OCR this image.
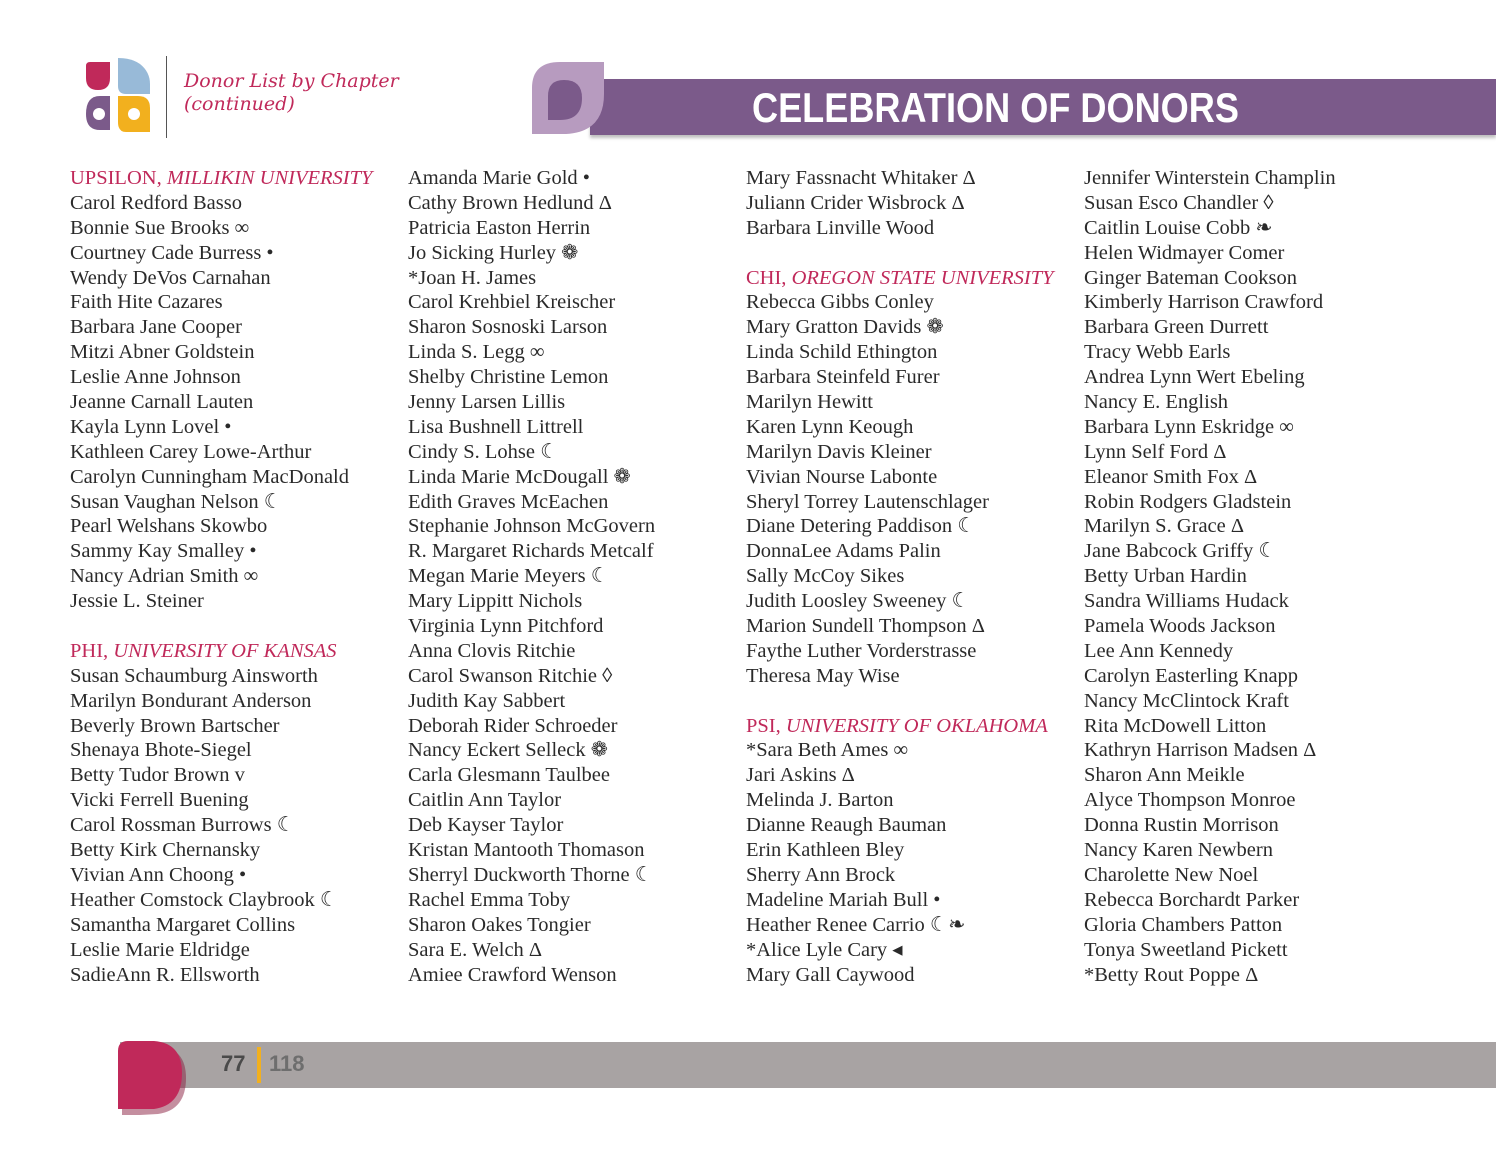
Donor List by Chapter
(continued)	CELEBRATION OF DONORS
UPSILON, MILLIKIN UNIVERSITY
Carol Redford Basso
Bonnie Sue Brooks ∞
Courtney Cade Burress •
Wendy DeVos Carnahan
Faith Hite Cazares
Barbara Jane Cooper
Mitzi Abner Goldstein
Leslie Anne Johnson
Jeanne Carnall Lauten
Kayla Lynn Lovel •
Kathleen Carey Lowe-Arthur
Carolyn Cunningham MacDonald
Susan Vaughan Nelson ☾
Pearl Welshans Skowbo
Sammy Kay Smalley •
Nancy Adrian Smith ∞
Jessie L. Steiner
PHI, UNIVERSITY OF KANSAS
Susan Schaumburg Ainsworth
Marilyn Bondurant Anderson
Beverly Brown Bartscher
Shenaya Bhote-Siegel
Betty Tudor Brown v
Vicki Ferrell Buening
Carol Rossman Burrows ☾
Betty Kirk Chernansky
Vivian Ann Choong •
Heather Comstock Claybrook ☾
Samantha Margaret Collins
Leslie Marie Eldridge
SadieAnn R. Ellsworth
Amanda Marie Gold •
Cathy Brown Hedlund Δ
Patricia Easton Herrin
Jo Sicking Hurley ❁
*Joan H. James
Carol Krehbiel Kreischer
Sharon Sosnoski Larson
Linda S. Legg ∞
Shelby Christine Lemon
Jenny Larsen Lillis
Lisa Bushnell Littrell
Cindy S. Lohse ☾
Linda Marie McDougall ❁
Edith Graves McEachen
Stephanie Johnson McGovern
R. Margaret Richards Metcalf
Megan Marie Meyers ☾
Mary Lippitt Nichols
Virginia Lynn Pitchford
Anna Clovis Ritchie
Carol Swanson Ritchie ◊
Judith Kay Sabbert
Deborah Rider Schroeder
Nancy Eckert Selleck ❁
Carla Glesmann Taulbee
Caitlin Ann Taylor
Deb Kayser Taylor
Kristan Mantooth Thomason
Sherryl Duckworth Thorne ☾
Rachel Emma Toby
Sharon Oakes Tongier
Sara E. Welch Δ
Amiee Crawford Wenson
Mary Fassnacht Whitaker Δ
Juliann Crider Wisbrock Δ
Barbara Linville Wood
CHI, OREGON STATE UNIVERSITY
Rebecca Gibbs Conley
Mary Gratton Davids ❁
Linda Schild Ethington
Barbara Steinfeld Furer
Marilyn Hewitt
Karen Lynn Keough
Marilyn Davis Kleiner
Vivian Nourse Labonte
Sheryl Torrey Lautenschlager
Diane Detering Paddison ☾
DonnaLee Adams Palin
Sally McCoy Sikes
Judith Loosley Sweeney ☾
Marion Sundell Thompson Δ
Faythe Luther Vorderstrasse
Theresa May Wise
PSI, UNIVERSITY OF OKLAHOMA
*Sara Beth Ames ∞
Jari Askins Δ
Melinda J. Barton
Dianne Reaugh Bauman
Erin Kathleen Bley
Sherry Ann Brock
Madeline Mariah Bull •
Heather Renee Carrio ☾❧
*Alice Lyle Cary ◂
Mary Gall Caywood
Jennifer Winterstein Champlin
Susan Esco Chandler ◊
Caitlin Louise Cobb ❧
Helen Widmayer Comer
Ginger Bateman Cookson
Kimberly Harrison Crawford
Barbara Green Durrett
Tracy Webb Earls
Andrea Lynn Wert Ebeling
Nancy E. English
Barbara Lynn Eskridge ∞
Lynn Self Ford Δ
Eleanor Smith Fox Δ
Robin Rodgers Gladstein
Marilyn S. Grace Δ
Jane Babcock Griffy ☾
Betty Urban Hardin
Sandra Williams Hudack
Pamela Woods Jackson
Lee Ann Kennedy
Carolyn Easterling Knapp
Nancy McClintock Kraft
Rita McDowell Litton
Kathryn Harrison Madsen Δ
Sharon Ann Meikle
Alyce Thompson Monroe
Donna Rustin Morrison
Nancy Karen Newbern
Charolette New Noel
Rebecca Borchardt Parker
Gloria Chambers Patton
Tonya Sweetland Pickett
*Betty Rout Poppe Δ
77 118
